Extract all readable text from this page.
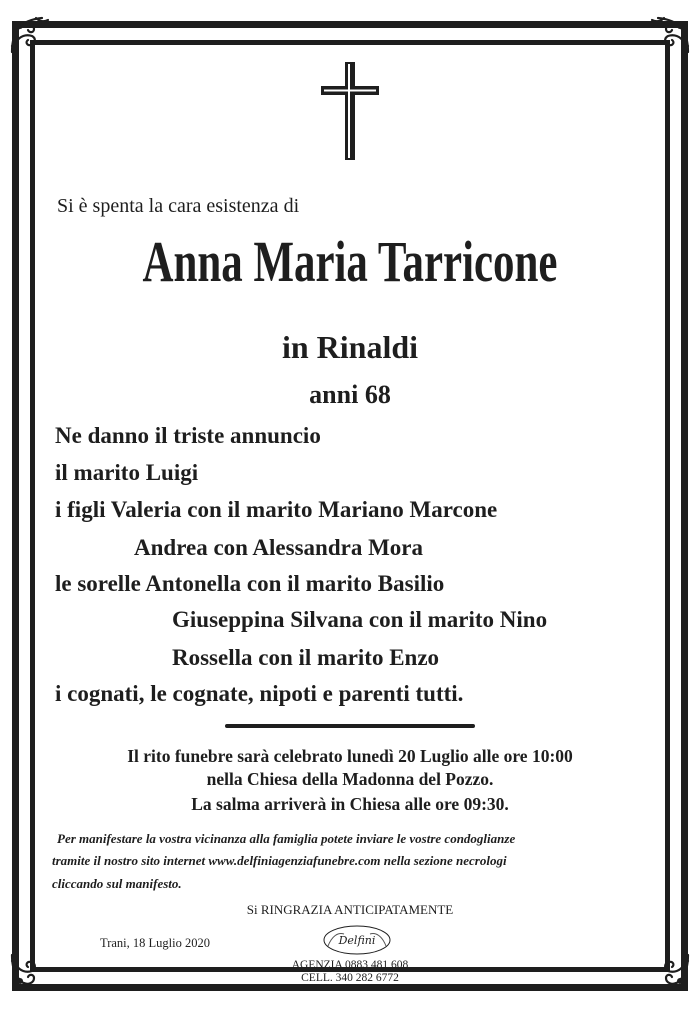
Si è spenta la cara esistenza di
Anna Maria Tarricone
in Rinaldi
anni 68
Ne danno il triste annuncio
il marito Luigi
i figli Valeria con il marito Mariano Marcone
Andrea con Alessandra Mora
le sorelle Antonella con il marito Basilio
Giuseppina Silvana con il marito Nino
Rossella con il marito Enzo
i cognati, le cognate, nipoti e parenti tutti.
Il rito funebre sarà celebrato lunedì 20 Luglio alle ore 10:00
nella Chiesa della Madonna del Pozzo.
La salma arriverà in Chiesa alle ore 09:30.
Per manifestare la vostra vicinanza alla famiglia potete inviare le vostre condoglianze
tramite il nostro sito internet www.delfiniagenziafunebre.com nella sezione necrologi
cliccando sul manifesto.
Si RINGRAZIA ANTICIPATAMENTE
Trani, 18 Luglio 2020	Delfini
AGENZIA 0883 481 608
CELL. 340 282 6772
